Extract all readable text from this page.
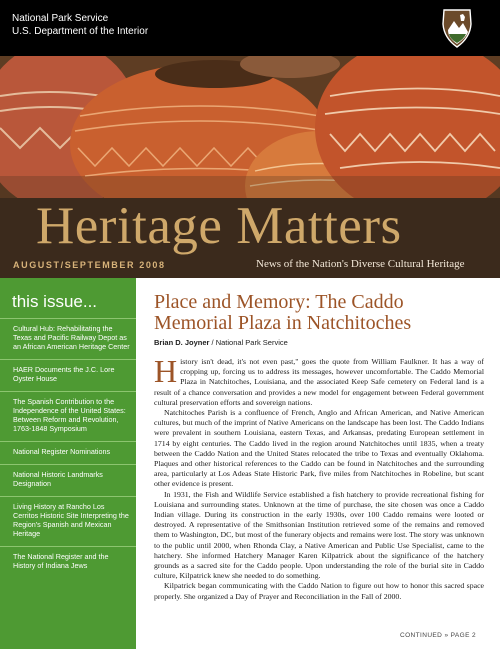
National Park Service
U.S. Department of the Interior
Heritage Matters
AUGUST/SEPTEMBER 2008	News of the Nation's Diverse Cultural Heritage
this issue...
Cultural Hub: Rehabilitating the Texas and Pacific Railway Depot as an African American Heritage Center
HAER Documents the J.C. Lore Oyster House
The Spanish Contribution to the Independence of the United States: Between Reform and Revolution, 1763-1848 Symposium
National Register Nominations
National Historic Landmarks Designation
Living History at Rancho Los Cerritos Historic Site Interpreting the Region's Spanish and Mexican Heritage
The National Register and the History of Indiana Jews
Place and Memory: The Caddo Memorial Plaza in Natchitoches
Brian D. Joyner / National Park Service

History isn't dead, it's not even past," goes the quote from William Faulkner. It has a way of cropping up, forcing us to address its messages, however uncomfortable. The Caddo Memorial Plaza in Natchitoches, Louisiana, and the associated Keep Safe cemetery on Federal land is a result of a chance conversation and provides a new model for engagement between Federal government cultural preservation efforts and sovereign nations.

Natchitoches Parish is a confluence of French, Anglo and African American, and Native American cultures, but much of the imprint of Native Americans on the landscape has been lost. The Caddo Indians were prevalent in southern Louisiana, eastern Texas, and Arkansas, predating European settlement in 1714 by eight centuries. The Caddo lived in the region around Natchitoches until 1835, when a treaty between the Caddo Nation and the United States relocated the tribe to Texas and eventually Oklahoma. Plaques and other historical references to the Caddo can be found in Natchitoches and the surrounding area, particularly at Los Adeas State Historic Park, five miles from Natchitoches in Robeline, but scant other evidence is present.

In 1931, the Fish and Wildlife Service established a fish hatchery to provide recreational fishing for Louisiana and surrounding states. Unknown at the time of purchase, the site chosen was once a Caddo Indian village. During its construction in the early 1930s, over 100 Caddo remains were looted or destroyed. A representative of the Smithsonian Institution retrieved some of the remains and removed them to Washington, DC, but most of the funerary objects and remains were lost. The story was unknown to the public until 2000, when Rhonda Clay, a Native American and Public Use Specialist, came to the hatchery. She informed Hatchery Manager Karen Kilpatrick about the significance of the hatchery grounds as a sacred site for the Caddo people. Upon understanding the role of the burial site in Caddo culture, Kilpatrick knew she needed to do something.

Kilpatrick began communicating with the Caddo Nation to figure out how to honor this sacred space properly. She organized a Day of Prayer and Reconciliation in the Fall of 2000.

CONTINUED » PAGE 2
